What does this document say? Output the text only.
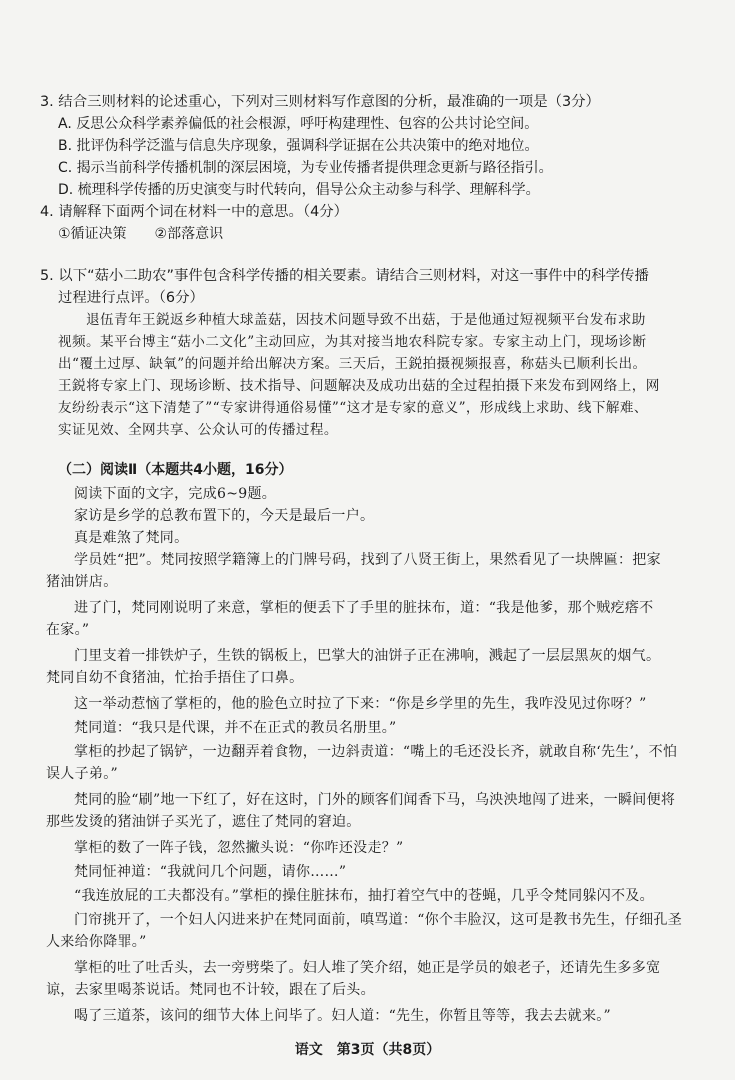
3. 结合三则材料的论述重心，下列对三则材料写作意图的分析，最准确的一项是（3分）
A. 反思公众科学素养偏低的社会根源，呼吁构建理性、包容的公共讨论空间。
B. 批评伪科学泛滥与信息失序现象，强调科学证据在公共决策中的绝对地位。
C. 揭示当前科学传播机制的深层困境，为专业传播者提供理念更新与路径指引。
D. 梳理科学传播的历史演变与时代转向，倡导公众主动参与科学、理解科学。
4. 请解释下面两个词在材料一中的意思。（4分）
①循证决策　　②部落意识
5. 以下“菇小二助农”事件包含科学传播的相关要素。请结合三则材料，对这一事件中的科学传播
过程进行点评。（6分）
退伍青年王鋭返乡种植大球盖菇，因技术问题导致不出菇，于是他通过短视频平台发布求助
视频。某平台博主“菇小二文化”主动回应，为其对接当地农科院专家。专家主动上门，现场诊断
出“覆土过厚、缺氧”的问题并给出解决方案。三天后，王鋭拍摄视频报喜，称菇头已顺利长出。
王鋭将专家上门、现场诊断、技术指导、问题解决及成功出菇的全过程拍摄下来发布到网络上，网
友纷纷表示“这下清楚了”“专家讲得通俗易懂”“这才是专家的意义”，形成线上求助、线下解难、
实证见效、全网共享、公众认可的传播过程。
（二）阅读Ⅱ（本题共4小题，16分）
阅读下面的文字，完成6~9题。
家访是乡学的总教布置下的，今天是最后一户。
真是难煞了梵同。
学员姓“把”。梵同按照学籍簿上的门牌号码，找到了八贤王街上，果然看见了一块牌匾：把家
猪油饼店。
进了门，梵同刚说明了来意，掌柜的便丢下了手里的脏抹布，道：“我是他爹，那个贼疙瘩不
在家。”
门里支着一排铁炉子，生铁的锅板上，巴掌大的油饼子正在沸响，溅起了一层层黑灰的烟气。
梵同自幼不食猪油，忙抬手捂住了口鼻。
这一举动惹恼了掌柜的，他的脸色立时拉了下来：“你是乡学里的先生，我咋没见过你呀？”
梵同道：“我只是代课，并不在正式的教员名册里。”
掌柜的抄起了锅铲，一边翻弄着食物，一边斜责道：“嘴上的毛还没长齐，就敢自称‘先生’，不怕
误人子弟。”
梵同的脸“刷”地一下红了，好在这时，门外的顾客们闻香下马，乌泱泱地闯了进来，一瞬间便将
那些发烫的猪油饼子买光了，遮住了梵同的窘迫。
掌柜的数了一阵子钱，忽然撇头说：“你咋还没走？”
梵同怔神道：“我就问几个问题，请你……”
“我连放屁的工夫都没有。”掌柜的操住脏抹布，抽打着空气中的苍蝇，几乎令梵同躲闪不及。
门帘挑开了，一个妇人闪进来护在梵同面前，嗔骂道：“你个丰脸汉，这可是教书先生，仔细孔圣
人来给你降罪。”
掌柜的吐了吐舌头，去一旁劈柴了。妇人堆了笑介绍，她正是学员的娘老子，还请先生多多宽
谅，去家里喝茶说话。梵同也不计较，跟在了后头。
喝了三道茶，该问的细节大体上问毕了。妇人道：“先生，你暂且等等，我去去就来。”
语文　第3页（共8页）
